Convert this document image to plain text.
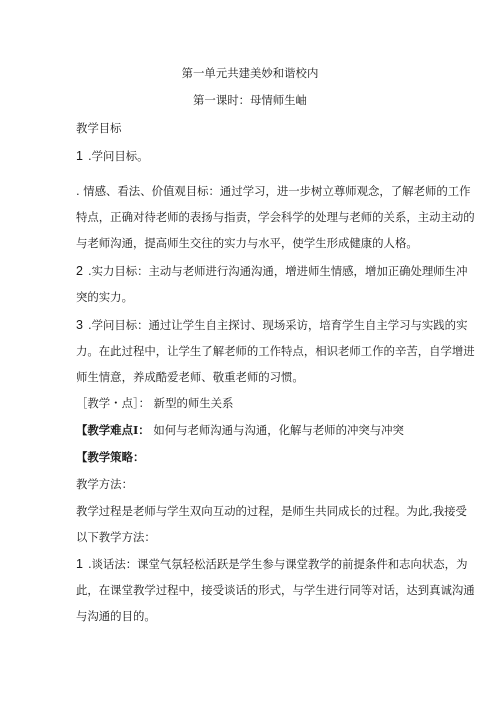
第一单元共建美妙和谐校内
第一课时：母情师生岫
教学目标
1 .学问目标。
. 情感、看法、价值观目标：通过学习，进一步树立尊师观念，了解老师的工作
特点，正确对待老师的表扬与指责，学会科学的处理与老师的关系，主动主动的
与老师沟通，提高师生交往的实力与水平，使学生形成健康的人格。
2 .实力目标：主动与老师进行沟通沟通，增进师生情感，增加正确处理师生冲
突的实力。
3 .学问目标：通过让学生自主探讨、现场采访，培育学生自主学习与实践的实
力。在此过程中，让学生了解老师的工作特点，相识老师工作的辛苦，自学增进
师生情意，养成酷爱老师、敬重老师的习惯。
［教学・点］： 新型的师生关系
【教学难点I： 如何与老师沟通与沟通，化解与老师的冲突与冲突
【教学策略：
教学方法：
教学过程是老师与学生双向互动的过程，是师生共同成长的过程。为此,我接受
以下教学方法：
1 .谈话法：课堂气氛轻松活跃是学生参与课堂教学的前提条件和志向状态，为
此，在课堂教学过程中，接受谈话的形式，与学生进行同等对话，达到真诚沟通
与沟通的目的。
